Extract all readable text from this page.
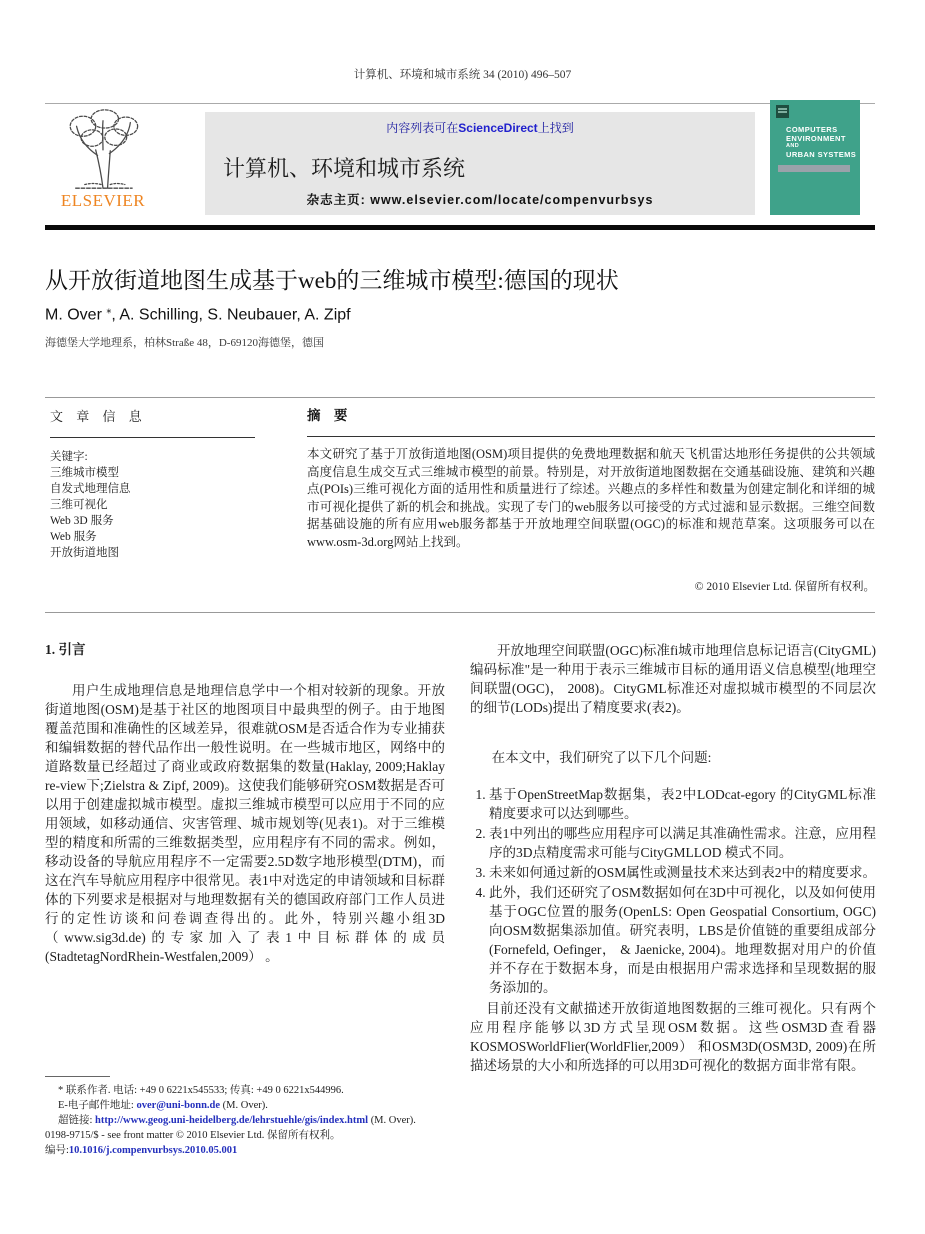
计算机、环境和城市系统 34 (2010) 496–507
ELSEVIER
内容列表可在ScienceDirect上找到
计算机、环境和城市系统
杂志主页: www.elsevier.com/locate/compenvurbsys
COMPUTERS
ENVIRONMENT
AND
URBAN SYSTEMS
从开放街道地图生成基于web的三维城市模型:德国的现状
M. Over ⁎, A. Schilling, S. Neubauer, A. Zipf
海德堡大学地理系，柏林Straße 48，D-69120海德堡，德国
文 章 信 息
关键字:
三维城市模型
自发式地理信息
三维可视化
Web 3D 服务
Web 服务
开放街道地图
摘 要

本文研究了基于丌放街道地图(OSM)项目提供的免费地理数据和航天飞机雷达地形任务提供的公共领域高度信息生成交互式三维城市模型的前景。特别是，对开放街道地图数据在交通基础设施、建筑和兴趣点(POIs)三维可视化方面的适用性和质量进行了综述。兴趣点的多样性和数量为创建定制化和详细的城市可视化提供了新的机会和挑战。实现了专门的web服务以可接受的方式过滤和显示数据。三维空间数据基础设施的所有应用web服务都基于开放地理空间联盟(OGC)的标准和规范草案。这项服务可以在www.osm-3d.org网站上找到。

© 2010 Elsevier Ltd. 保留所有权利。
1. 引言

用户生成地理信息是地理信息学中一个相对较新的现象。开放街道地图(OSM)是基于社区的地图项目中最典型的例子。由于地图覆盖范围和准确性的区域差异，很难就OSM是否适合作为专业捕获和编辑数据的替代品作出一般性说明。在一些城市地区，网络中的道路数量已经超过了商业或政府数据集的数量(Haklay, 2009;Haklay re-view下;Zielstra & Zipf, 2009)。这使我们能够研究OSM数据是否可以用于创建虚拟城市模型。虚拟三维城市模型可以应用于不同的应用领域，如移动通信、灾害管理、城市规划等(见表1)。对于三维模型的精度和所需的三维数据类型，应用程序有不同的需求。例如，移动设备的导航应用程序不一定需要2.5D数字地形模型(DTM)，而这在汽车导航应用程序中很常见。表1中对选定的申请领域和目标群体的下列要求是根据对与地理数据有关的德国政府部门工作人员进行的定性访谈和问卷调查得出的。此外，特别兴趣小组3D （www.sig3d.de)的专家加入了表1中目标群体的成员(StadtetagNordRhein-Westfalen,2009） 。

开放地理空间联盟(OGC)标准fi城市地理信息标记语言(CityGML)编码标准"是一种用于表示三维城市目标的通用语义信息模型(地理空间联盟(OGC)， 2008)。CityGML标准还对虚拟城市模型的不同层次的细节(LODs)提出了精度要求(表2)。

在本文中，我们研究了以下几个问题:

1. 基于OpenStreetMap数据集，表2中LODcat-egory 的CityGML标准精度要求可以达到哪些。
2. 表1中列出的哪些应用程序可以满足其准确性需求。注意，应用程序的3D点精度需求可能与CityGMLLOD 模式不同。
3. 未来如何通过新的OSM属性或测量技术来达到表2中的精度要求。
4. 此外，我们还研究了OSM数据如何在3D中可视化，以及如何使用基于OGC位置的服务(OpenLS: Open Geospatial Consortium, OGC)向OSM数据集添加值。研究表明，LBS是价值链的重要组成部分(Fornefeld, Oefinger， & Jaenicke, 2004)。地理数据对用户的价值并不存在于数据本身，而是由根据用户需求选择和呈现数据的服务添加的。

目前还没有文献描述开放街道地图数据的三维可视化。只有两个应用程序能够以3D方式呈现OSM数据。这些OSM3D查看器KOSMOSWorldFlier(WorldFlier,2009） 和OSM3D(OSM3D, 2009)在所描述场景的大小和所选择的可以用3D可视化的数据方面非常有限。

* 联系作者. 电话: +49 0 6221x545533; 传真: +49 0 6221x544996.
E-电子邮件地址: over@uni-bonn.de (M. Over).
超链接: http://www.geog.uni-heidelberg.de/lehrstuehle/gis/index.html (M. Over).
0198-9715/$ - see front matter © 2010 Elsevier Ltd. 保留所有权利。
编号:10.1016/j.compenvurbsys.2010.05.001
